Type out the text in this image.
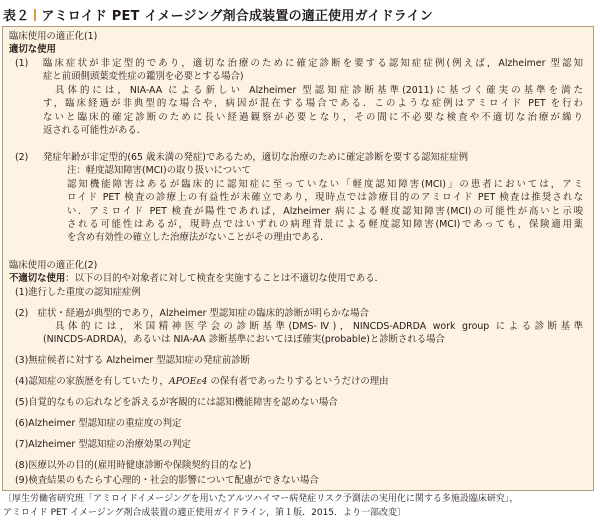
表２ アミロイド PET イメージング剤合成装置の適正使用ガイドライン
臨床使用の適正化(1)
適切な使用
(1) 臨床症状が非定型的であり，適切な治療のために確定診断を要する認知症症例(例えば，Alzheimer 型認知
症と前頭側頭葉変性症の鑑別を必要とする場合)
具体的には，NIA-AA による新しい Alzheimer 型認知症診断基準(2011)に基づく確実の基準を満た
す，臨床経過が非典型的な場合や，病因が混在する場合である．このような症例はアミロイド PET を行わ
ないと臨床的確定診断のために長い経過観察が必要となり，その間に不必要な検査や不適切な治療が繰り
返される可能性がある．
(2) 発症年齢が非定型的(65 歳未満の発症)であるため，適切な治療のために確定診断を要する認知症症例
注：軽度認知障害(MCI)の取り扱いについて
認知機能障害はあるが臨床的に認知症に至っていない「軽度認知障害(MCI)」の患者においては，アミ
ロイド PET 検査の診療上の有益性が未確立であり，現時点では診療目的のアミロイド PET 検査は推奨されな
い．アミロイド PET 検査が陽性であれば，Alzheimer 病による軽度認知障害(MCI)の可能性が高いと示唆
される可能性はあるが，現時点ではいずれの病理背景による軽度認知障害(MCI)であっても，保険適用薬
を含め有効性の確立した治療法がないことがその理由である．
臨床使用の適正化(2)
不適切な使用：以下の目的や対象者に対して検査を実施することは不適切な使用である．
(1)進行した重度の認知症症例
(2)　症状・経過が典型的であり，Alzheimer 型認知症の臨床的診断が明らかな場合
具体的には，米国精神医学会の診断基準(DMS-Ⅳ)，NINCDS-ADRDA work group による診断基準
(NINCDS-ADRDA)，あるいは NIA-AA 診断基準においてほぼ確実(probable)と診断される場合
(3)無症候者に対する Alzheimer 型認知症の発症前診断
(4)認知症の家族歴を有していたり，APOEε4 の保有者であったりするというだけの理由
(5)自覚的なもの忘れなどを訴えるが客観的には認知機能障害を認めない場合
(6)Alzheimer 型認知症の重症度の判定
(7)Alzheimer 型認知症の治療効果の判定
(8)医療以外の目的(雇用時健康診断や保険契約目的など)
(9)検査結果のもたらす心理的・社会的影響について配慮ができない場合
〔厚生労働省研究班「アミロイドイメージングを用いたアルツハイマー病発症リスク予測法の実用化に関する多施設臨床研究」，
アミロイド PET イメージング剤合成装置の適正使用ガイドライン，第１版．2015．より一部改変〕
